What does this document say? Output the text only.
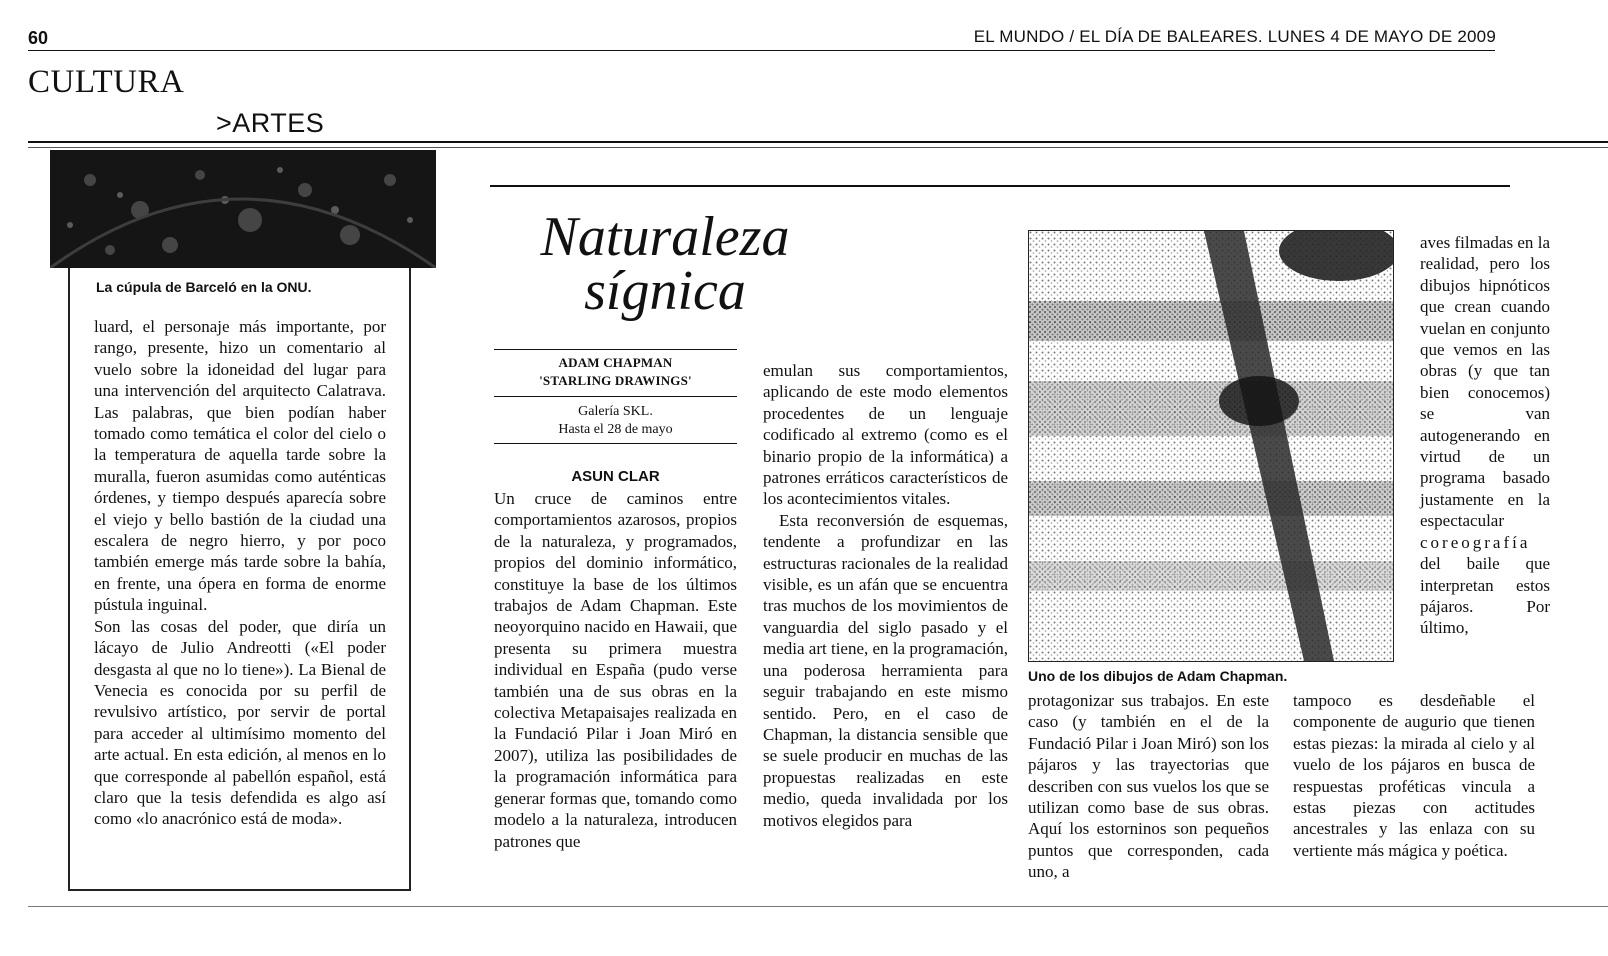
60	EL MUNDO / EL DÍA DE BALEARES. LUNES 4 DE MAYO DE 2009
CULTURA
>ARTES
La cúpula de Barceló en la ONU.

luard, el personaje más importante, por rango, presente, hizo un comentario al vuelo sobre la idoneidad del lugar para una intervención del arquitecto Calatrava. Las palabras, que bien podían haber tomado como temática el color del cielo o la temperatura de aquella tarde sobre la muralla, fueron asumidas como auténticas órdenes, y tiempo después aparecía sobre el viejo y bello bastión de la ciudad una escalera de negro hierro, y por poco también emerge más tarde sobre la bahía, en frente, una ópera en forma de enorme pústula inguinal.

Son las cosas del poder, que diría un lácayo de Julio Andreotti («El poder desgasta al que no lo tiene»). La Bienal de Venecia es conocida por su perfil de revulsivo artístico, por servir de portal para acceder al ultimísimo momento del arte actual. En esta edición, al menos en lo que corresponde al pabellón español, está claro que la tesis defendida es algo así como «lo anacrónico está de moda».

Naturaleza
sígnica
ADAM CHAPMAN
'STARLING DRAWINGS'
Galería SKL.
Hasta el 28 de mayo
ASUN CLAR

Un cruce de caminos entre comportamientos azarosos, propios de la naturaleza, y programados, propios del dominio informático, constituye la base de los últimos trabajos de Adam Chapman. Este neoyorquino nacido en Hawaii, que presenta su primera muestra individual en España (pudo verse también una de sus obras en la colectiva Metapaisajes realizada en la Fundació Pilar i Joan Miró en 2007), utiliza las posibilidades de la programación informática para generar formas que, tomando como modelo a la naturaleza, introducen patrones que

emulan sus comportamientos, aplicando de este modo elementos procedentes de un lenguaje codificado al extremo (como es el binario propio de la informática) a patrones erráticos característicos de los acontecimientos vitales.

Esta reconversión de esquemas, tendente a profundizar en las estructuras racionales de la realidad visible, es un afán que se encuentra tras muchos de los movimientos de vanguardia del siglo pasado y el media art tiene, en la programación, una poderosa herramienta para seguir trabajando en este mismo sentido. Pero, en el caso de Chapman, la distancia sensible que se suele producir en muchas de las propuestas realizadas en este medio, queda invalidada por los motivos elegidos para

Uno de los dibujos de Adam Chapman.

aves filmadas en la realidad, pero los dibujos hipnóticos que crean cuando vuelan en conjunto que vemos en las obras (y que tan bien conocemos) se van autogenerando en virtud de un programa basado justamente en la espectacular coreografía del baile que interpretan estos pájaros. Por último,

protagonizar sus trabajos. En este caso (y también en el de la Fundació Pilar i Joan Miró) son los pájaros y las trayectorias que describen con sus vuelos los que se utilizan como base de sus obras. Aquí los estorninos son pequeños puntos que corresponden, cada uno, a

tampoco es desdeñable el componente de augurio que tienen estas piezas: la mirada al cielo y al vuelo de los pájaros en busca de respuestas proféticas vincula a estas piezas con actitudes ancestrales y las enlaza con su vertiente más mágica y poética.
